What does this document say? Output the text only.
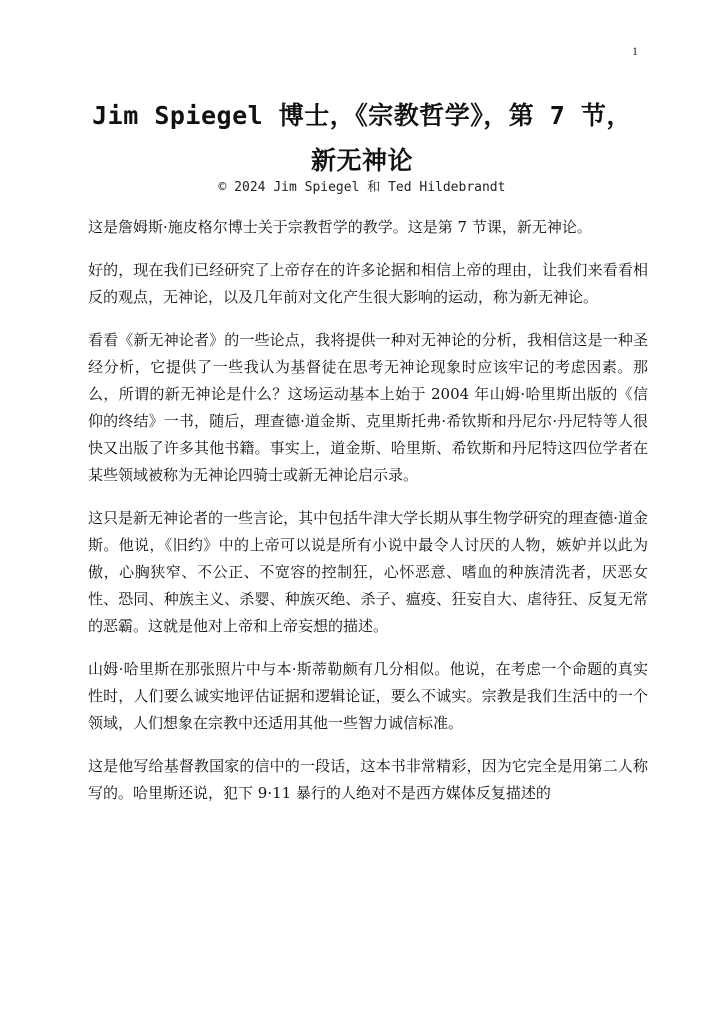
1
Jim Spiegel 博士，《宗教哲学》，第 7 节，
新无神论
© 2024 Jim Spiegel 和 Ted Hildebrandt

这是詹姆斯·施皮格尔博士关于宗教哲学的教学。这是第 7 节课，新无神论。

好的，现在我们已经研究了上帝存在的许多论据和相信上帝的理由，让我们来看看相反的观点，无神论，以及几年前对文化产生很大影响的运动，称为新无神论。

看看《新无神论者》的一些论点，我将提供一种对无神论的分析，我相信这是一种圣经分析，它提供了一些我认为基督徒在思考无神论现象时应该牢记的考虑因素。那么，所谓的新无神论是什么？这场运动基本上始于 2004 年山姆·哈里斯出版的《信仰的终结》一书，随后，理查德·道金斯、克里斯托弗·希钦斯和丹尼尔·丹尼特等人很快又出版了许多其他书籍。事实上，道金斯、哈里斯、希钦斯和丹尼特这四位学者在某些领域被称为无神论四骑士或新无神论启示录。

这只是新无神论者的一些言论，其中包括牛津大学长期从事生物学研究的理查德·道金斯。他说，《旧约》中的上帝可以说是所有小说中最令人讨厌的人物，嫉妒并以此为傲，心胸狭窄、不公正、不宽容的控制狂，心怀恶意、嗜血的种族清洗者，厌恶女性、恐同、种族主义、杀婴、种族灭绝、杀子、瘟疫、狂妄自大、虐待狂、反复无常的恶霸。这就是他对上帝和上帝妄想的描述。

山姆·哈里斯在那张照片中与本·斯蒂勒颇有几分相似。他说，在考虑一个命题的真实性时，人们要么诚实地评估证据和逻辑论证，要么不诚实。宗教是我们生活中的一个领域，人们想象在宗教中还适用其他一些智力诚信标准。

这是他写给基督教国家的信中的一段话，这本书非常精彩，因为它完全是用第二人称写的。哈里斯还说，犯下 9·11 暴行的人绝对不是西方媒体反复描述的
